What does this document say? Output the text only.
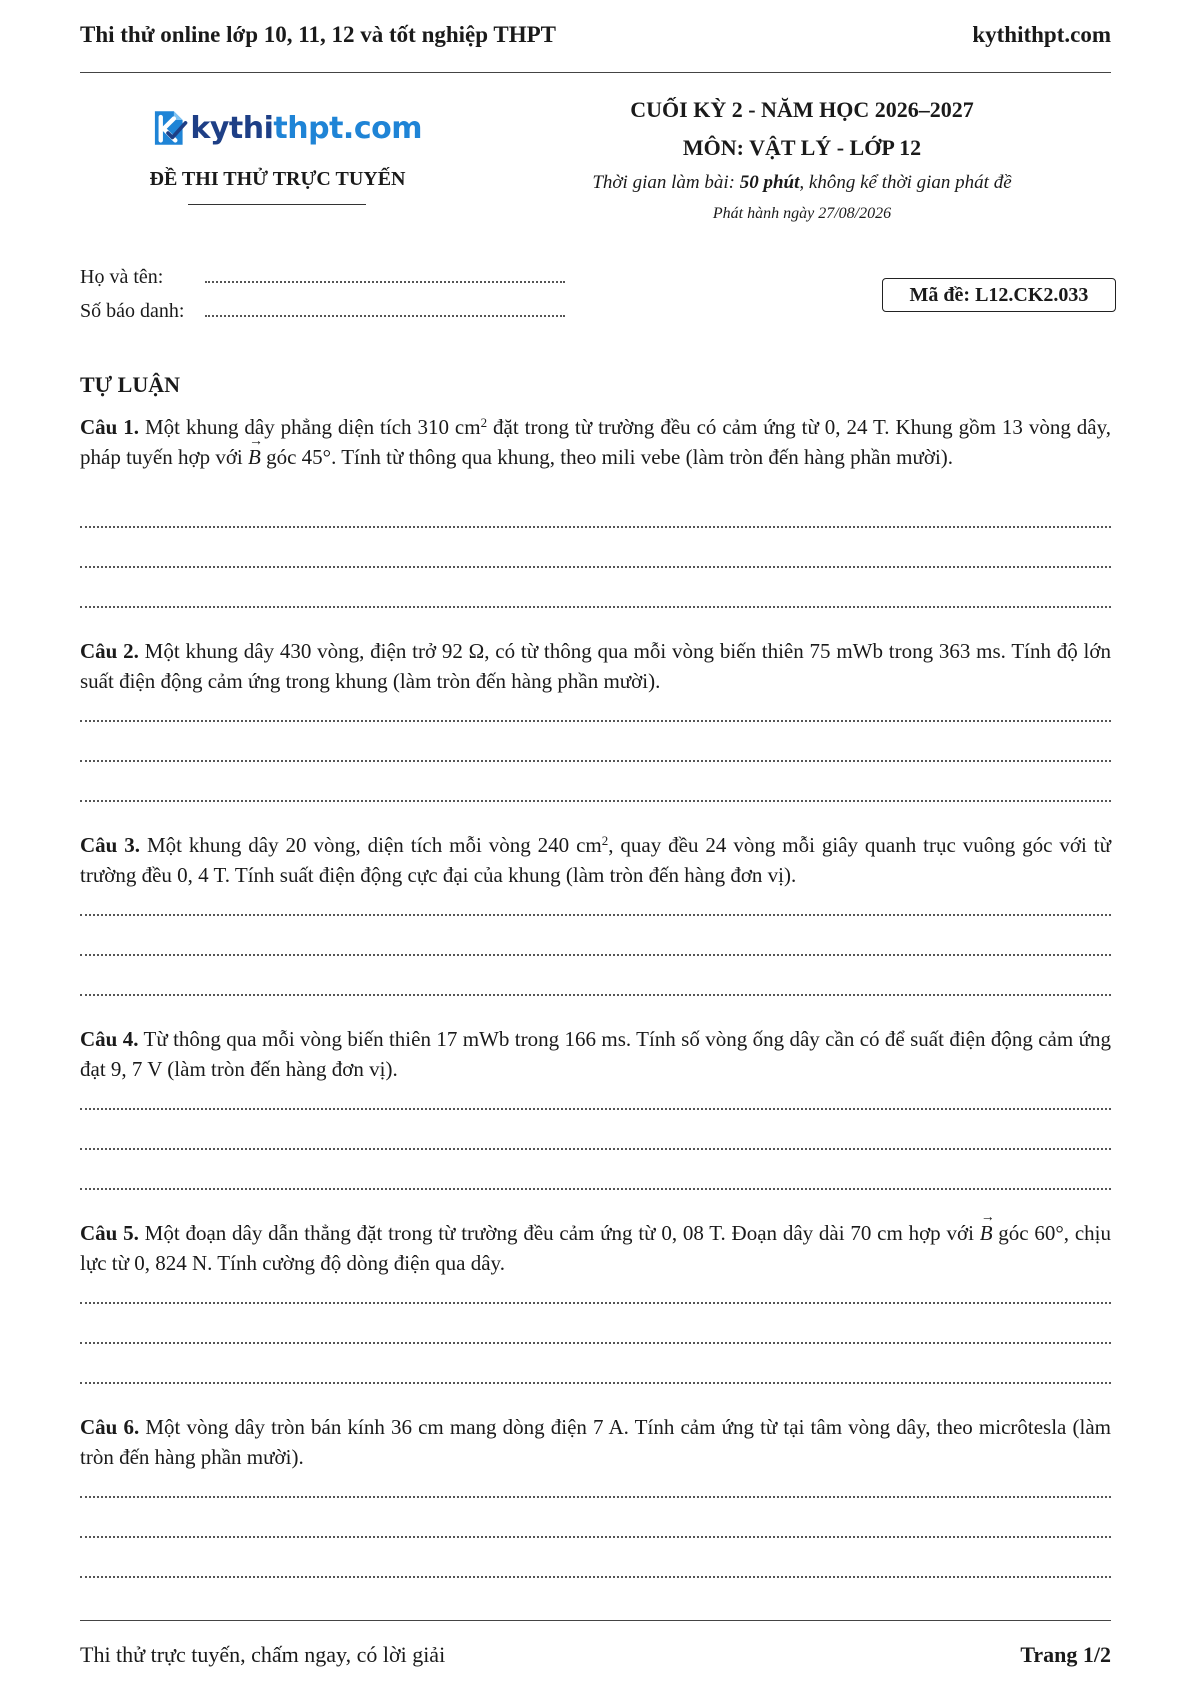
Thi thử online lớp 10, 11, 12 và tốt nghiệp THPT	kythithpt.com
kythithpt.com
ĐỀ THI THỬ TRỰC TUYẾN
CUỐI KỲ 2 - NĂM HỌC 2026–2027
MÔN: VẬT LÝ - LỚP 12
Thời gian làm bài: 50 phút, không kể thời gian phát đề
Phát hành ngày 27/08/2026
Họ và tên:
Số báo danh:
Mã đề: L12.CK2.033
TỰ LUẬN
Câu 1. Một khung dây phẳng diện tích 310 $cm^2$ đặt trong từ trường đều có cảm ứng từ 0, 24 T. Khung gồm 13 vòng dây, pháp tuyến hợp với → B góc 45°. Tính từ thông qua khung, theo mili vebe (làm tròn đến hàng phần mười).
Câu 2. Một khung dây 430 vòng, điện trở 92 Ω, có từ thông qua mỗi vòng biến thiên 75 mWb trong 363 ms. Tính độ lớn suất điện động cảm ứng trong khung (làm tròn đến hàng phần mười).
Câu 3. Một khung dây 20 vòng, diện tích mỗi vòng 240 $cm^2$, quay đều 24 vòng mỗi giây quanh trục vuông góc với từ trường đều 0, 4 T. Tính suất điện động cực đại của khung (làm tròn đến hàng đơn vị).
Câu 4. Từ thông qua mỗi vòng biến thiên 17 mWb trong 166 ms. Tính số vòng ống dây cần có để suất điện động cảm ứng đạt 9, 7 V (làm tròn đến hàng đơn vị).
Câu 5. Một đoạn dây dẫn thẳng đặt trong từ trường đều cảm ứng từ 0, 08 T. Đoạn dây dài 70 cm hợp với → B góc 60°, chịu lực từ 0, 824 N. Tính cường độ dòng điện qua dây.
Câu 6. Một vòng dây tròn bán kính 36 cm mang dòng điện 7 A. Tính cảm ứng từ tại tâm vòng dây, theo micrôtesla (làm tròn đến hàng phần mười).
Thi thử trực tuyến, chấm ngay, có lời giải	Trang 1/2
